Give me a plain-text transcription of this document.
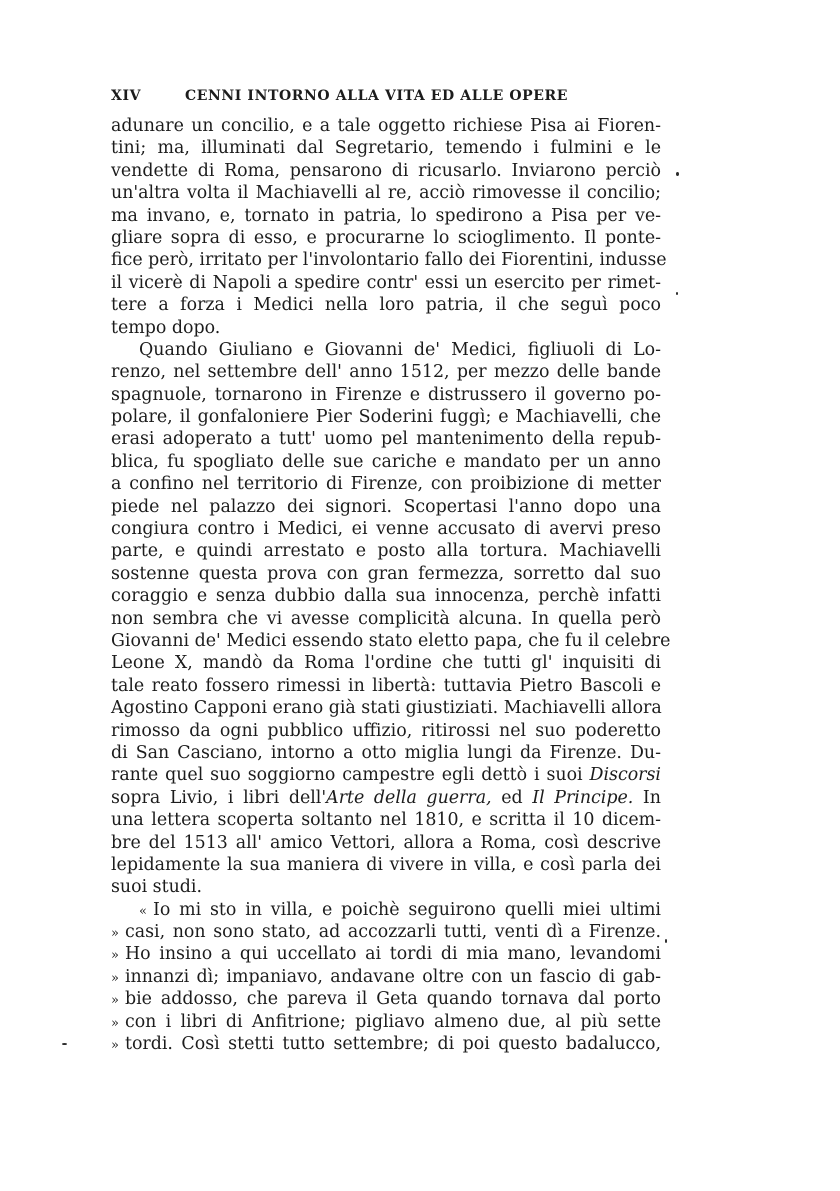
XIV	CENNI INTORNO ALLA VITA ED ALLE OPERE
adunare un concilio, e a tale oggetto richiese Pisa ai Fioren-
tini; ma, illuminati dal Segretario, temendo i fulmini e le
vendette di Roma, pensarono di ricusarlo. Inviarono perciò
un'altra volta il Machiavelli al re, acciò rimovesse il concilio;
ma invano, e, tornato in patria, lo spedirono a Pisa per ve-
gliare sopra di esso, e procurarne lo scioglimento. Il ponte-
fice però, irritato per l'involontario fallo dei Fiorentini, indusse
il vicerè di Napoli a spedire contr' essi un esercito per rimet-
tere a forza i Medici nella loro patria, il che seguì poco
tempo dopo.
Quando Giuliano e Giovanni de' Medici, figliuoli di Lo-
renzo, nel settembre dell' anno 1512, per mezzo delle bande
spagnuole, tornarono in Firenze e distrussero il governo po-
polare, il gonfaloniere Pier Soderini fuggì; e Machiavelli, che
erasi adoperato a tutt' uomo pel mantenimento della repub-
blica, fu spogliato delle sue cariche e mandato per un anno
a confino nel territorio di Firenze, con proibizione di metter
piede nel palazzo dei signori. Scopertasi l'anno dopo una
congiura contro i Medici, ei venne accusato di avervi preso
parte, e quindi arrestato e posto alla tortura. Machiavelli
sostenne questa prova con gran fermezza, sorretto dal suo
coraggio e senza dubbio dalla sua innocenza, perchè infatti
non sembra che vi avesse complicità alcuna. In quella però
Giovanni de' Medici essendo stato eletto papa, che fu il celebre
Leone X, mandò da Roma l'ordine che tutti gl' inquisiti di
tale reato fossero rimessi in libertà: tuttavia Pietro Bascoli e
Agostino Capponi erano già stati giustiziati. Machiavelli allora
rimosso da ogni pubblico uffizio, ritirossi nel suo poderetto
di San Casciano, intorno a otto miglia lungi da Firenze. Du-
rante quel suo soggiorno campestre egli dettò i suoi Discorsi
sopra Livio, i libri dell'Arte della guerra, ed Il Principe. In
una lettera scoperta soltanto nel 1810, e scritta il 10 dicem-
bre del 1513 all' amico Vettori, allora a Roma, così descrive
lepidamente la sua maniera di vivere in villa, e così parla dei
suoi studi.
« Io mi sto in villa, e poichè seguirono quelli miei ultimi
» casi, non sono stato, ad accozzarli tutti, venti dì a Firenze.
» Ho insino a qui uccellato ai tordi di mia mano, levandomi
» innanzi dì; impaniavo, andavane oltre con un fascio di gab-
» bie addosso, che pareva il Geta quando tornava dal porto
» con i libri di Anfitrione; pigliavo almeno due, al più sette
» tordi. Così stetti tutto settembre; di poi questo badalucco,
